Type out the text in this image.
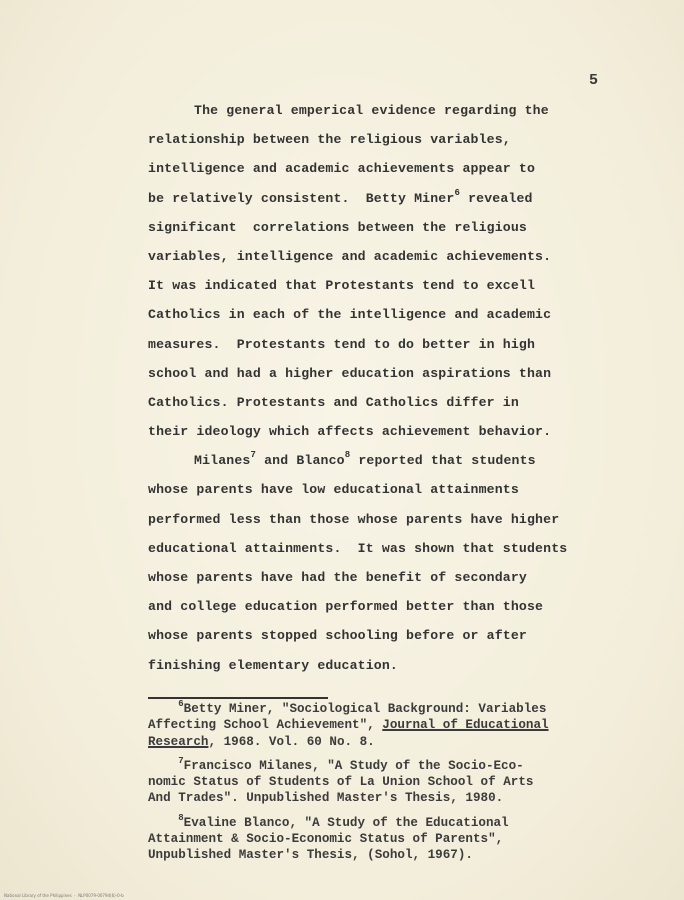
5
The general emperical evidence regarding the
relationship between the religious variables,
intelligence and academic achievements appear to
be relatively consistent.  Betty Miner$^6$ revealed
significant  correlations between the religious
variables, intelligence and academic achievements.
It was indicated that Protestants tend to excell
Catholics in each of the intelligence and academic
measures.  Protestants tend to do better in high
school and had a higher education aspirations than
Catholics. Protestants and Catholics differ in
their ideology which affects achievement behavior.
Milanes$^7$ and Blanco$^8$ reported that students
whose parents have low educational attainments
performed less than those whose parents have higher
educational attainments.  It was shown that students
whose parents have had the benefit of secondary
and college education performed better than those
whose parents stopped schooling before or after
finishing elementary education.
$^6$Betty Miner, "Sociological Background: Variables
Affecting School Achievement", Journal of Educational
Research, 1968. Vol. 60 No. 8.
$^7$Francisco Milanes, "A Study of the Socio-Eco-
nomic Status of Students of La Union School of Arts
And Trades". Unpublished Master's Thesis, 1980.
$^8$Evaline Blanco, "A Study of the Educational
Attainment & Socio-Economic Status of Parents",
Unpublished Master's Thesis, (Sohol, 1967).
National Library of the Philippines  ·  NLP0079-00794(6)-0-b
